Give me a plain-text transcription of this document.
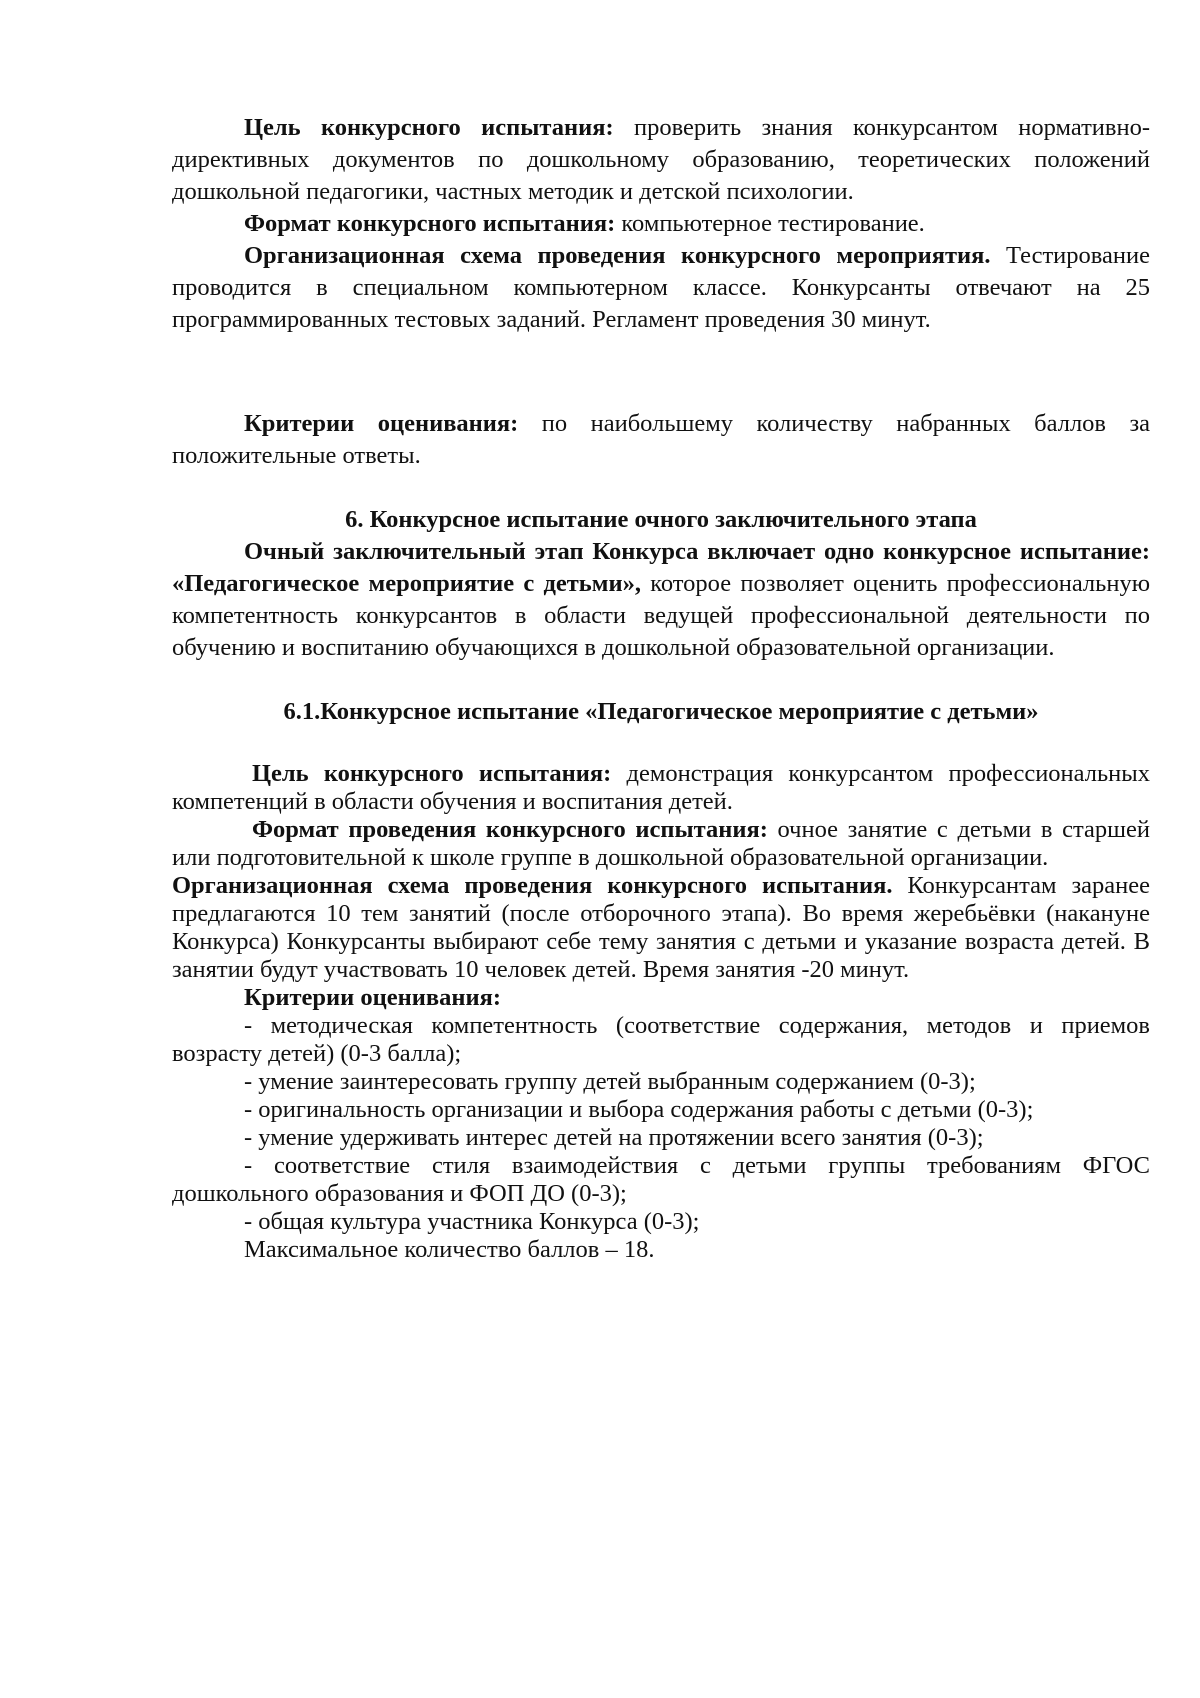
Цель конкурсного испытания: проверить знания конкурсантом нормативно-директивных документов по дошкольному образованию, теоретических положений дошкольной педагогики, частных методик и детской психологии.

Формат конкурсного испытания: компьютерное тестирование.

Организационная схема проведения конкурсного мероприятия. Тестирование проводится в специальном компьютерном классе. Конкурсанты отвечают на 25 программированных тестовых заданий. Регламент проведения 30 минут.

Критерии оценивания: по наибольшему количеству набранных баллов за положительные ответы.

6. Конкурсное испытание очного заключительного этапа

Очный заключительный этап Конкурса включает одно конкурсное испытание: «Педагогическое мероприятие с детьми», которое позволяет оценить профессиональную компетентность конкурсантов в области ведущей профессиональной деятельности по обучению и воспитанию обучающихся в дошкольной образовательной организации.

6.1.Конкурсное испытание «Педагогическое мероприятие с детьми»

Цель конкурсного испытания: демонстрация конкурсантом профессиональных компетенций в области обучения и воспитания детей.

Формат проведения конкурсного испытания: очное занятие с детьми в старшей или подготовительной к школе группе в дошкольной образовательной организации.

Организационная схема проведения конкурсного испытания. Конкурсантам заранее предлагаются 10 тем занятий (после отборочного этапа). Во время жеребьёвки (накануне Конкурса) Конкурсанты выбирают себе тему занятия с детьми и указание возраста детей. В занятии будут участвовать 10 человек детей. Время занятия -20 минут.

Критерии оценивания:

- методическая компетентность (соответствие содержания, методов и приемов возрасту детей) (0-3 балла);

- умение заинтересовать группу детей выбранным содержанием (0-3);

- оригинальность организации и выбора содержания работы с детьми (0-3);

- умение удерживать интерес детей на протяжении всего занятия (0-3);

- соответствие стиля взаимодействия с детьми группы требованиям ФГОС дошкольного образования и ФОП ДО (0-3);

- общая культура участника Конкурса (0-3);

Максимальное количество баллов – 18.
